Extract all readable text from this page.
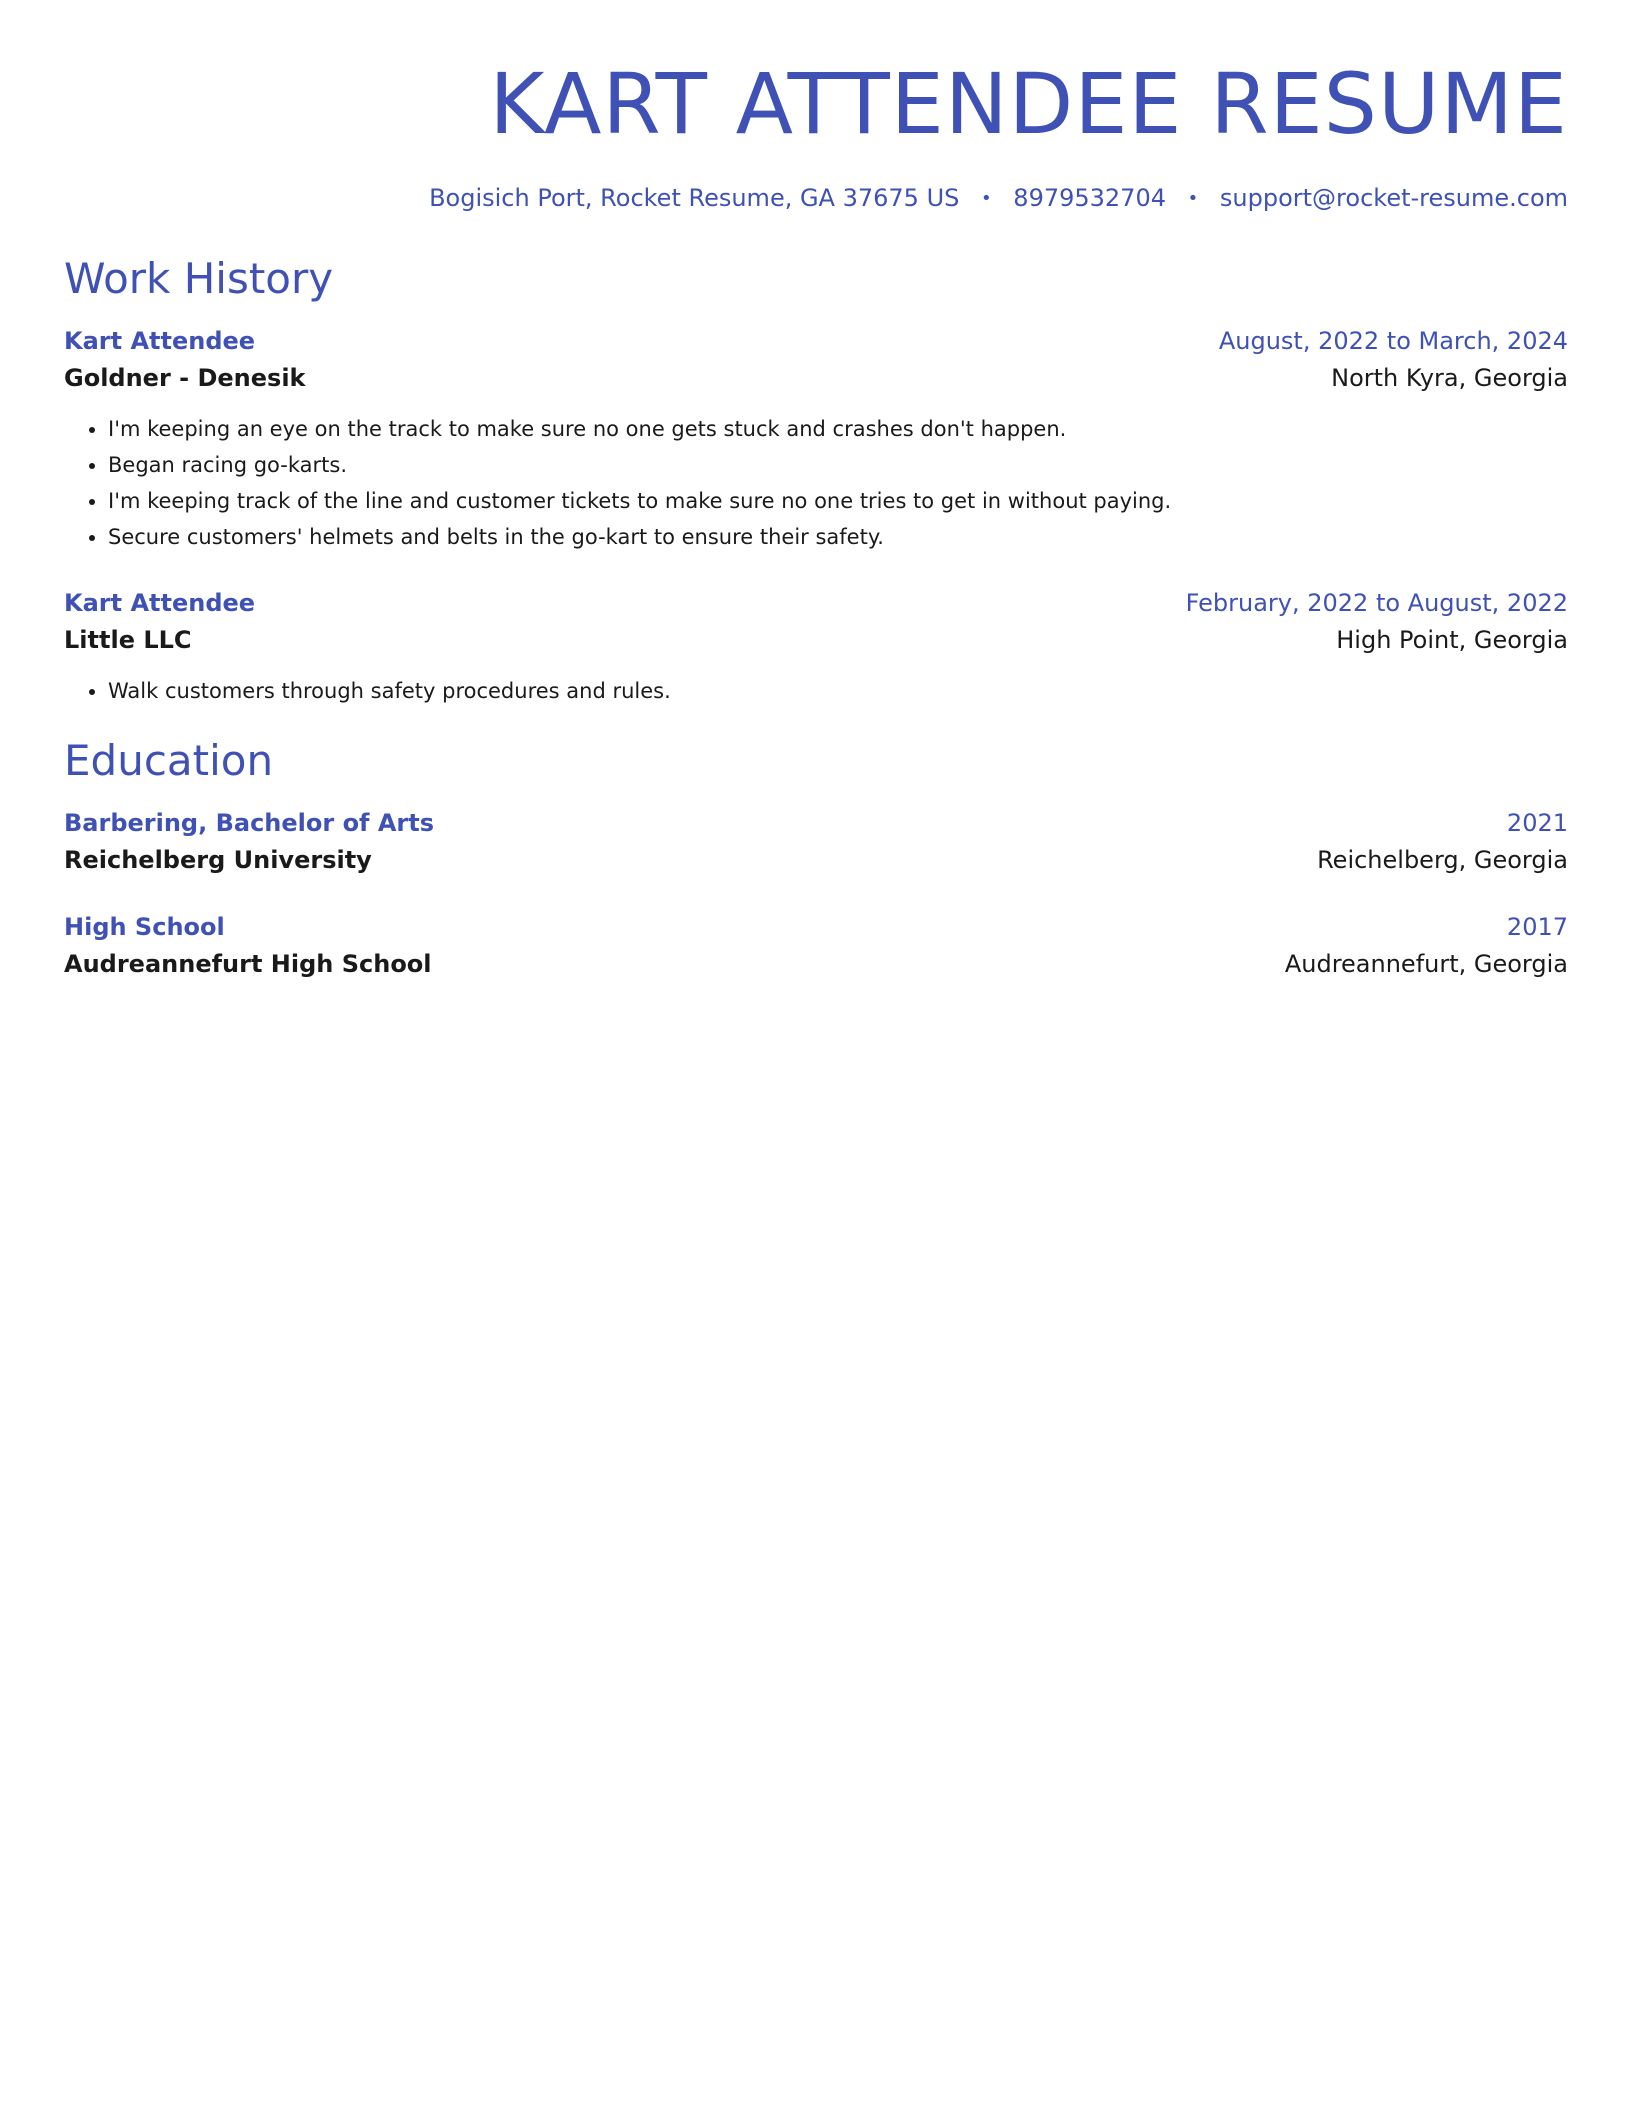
KART ATTENDEE RESUME
Bogisich Port, Rocket Resume, GA 37675 US • 8979532704 • support@rocket-resume.com
Work History
Kart Attendee	August, 2022 to March, 2024
Goldner - Denesik	North Kyra, Georgia
• I'm keeping an eye on the track to make sure no one gets stuck and crashes don't happen.
• Began racing go-karts.
• I'm keeping track of the line and customer tickets to make sure no one tries to get in without paying.
• Secure customers' helmets and belts in the go-kart to ensure their safety.
Kart Attendee	February, 2022 to August, 2022
Little LLC	High Point, Georgia
• Walk customers through safety procedures and rules.
Education
Barbering, Bachelor of Arts	2021
Reichelberg University	Reichelberg, Georgia
High School	2017
Audreannefurt High School	Audreannefurt, Georgia
